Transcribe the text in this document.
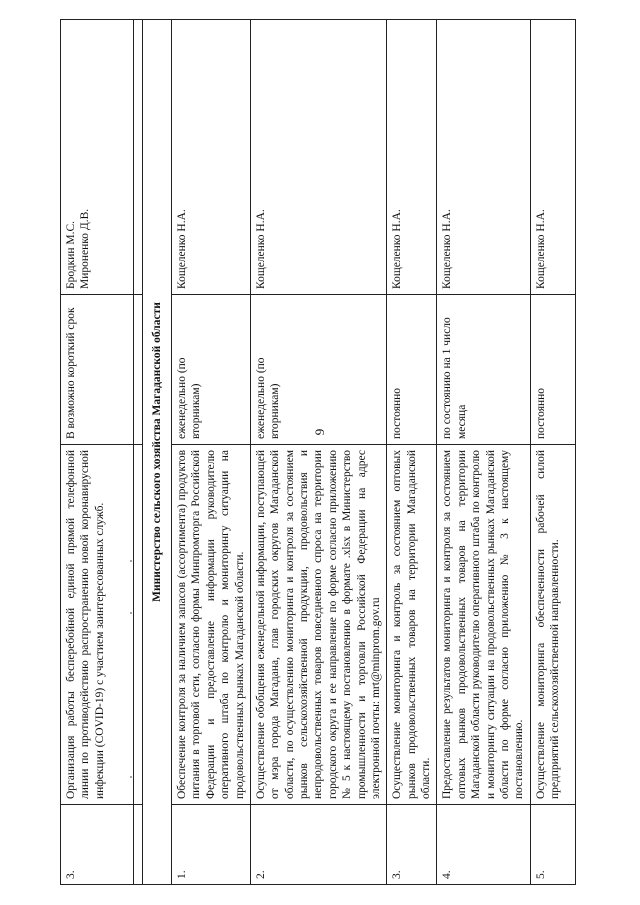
9
3.	Организация работы бесперебойной единой прямой телефонной линии по противодействию распространению новой коронавирусной инфекции (COVID-19) с участием заинтересованных служб.	В возможно короткий срок	Бродкин М.С.
Мироненко Д.В.

Министерство сельского хозяйства Магаданской области			
1.	Обеспечение контроля за наличием запасов (ассортимента) продуктов питания в торговой сети, согласно формы Минпромторга Российской Федерации и предоставление информации руководителю оперативного штаба по контролю и мониторингу ситуации на продовольственных рынках Магаданской области.	еженедельно (по вторникам)	Кощеленко Н.А.
2.	Осуществление обобщения еженедельной информации, поступающей от мэра города Магадана, глав городских округов Магаданской области, по осуществлению мониторинга и контроля за состоянием рынков сельскохозяйственной продукции, продовольствия и непродовольственных товаров повседневного спроса на территории городского округа и ее направление по форме согласно приложению № 5 к настоящему постановлению в формате .xlsx в Министерство промышленности и торговли Российской Федерации на адрес электронной почты: mrt@minprom.gov.ru	еженедельно (по вторникам)	Кощеленко Н.А.
3.	Осуществление мониторинга и контроль за состоянием оптовых рынков продовольственных товаров на территории Магаданской области.	постоянно	Кощеленко Н.А.
4.	Предоставление результатов мониторинга и контроля за состоянием оптовых рынков продовольственных товаров на территории Магаданской области руководителю оперативного штаба по контролю и мониторингу ситуации на продовольственных рынках Магаданской области по форме согласно приложению № 3 к настоящему постановлению.	по состоянию на 1 число месяца	Кощеленко Н.А.
5.	Осуществление мониторинга обеспеченности рабочей силой предприятий сельскохозяйственной направленности.	постоянно	Кощеленко Н.А.
